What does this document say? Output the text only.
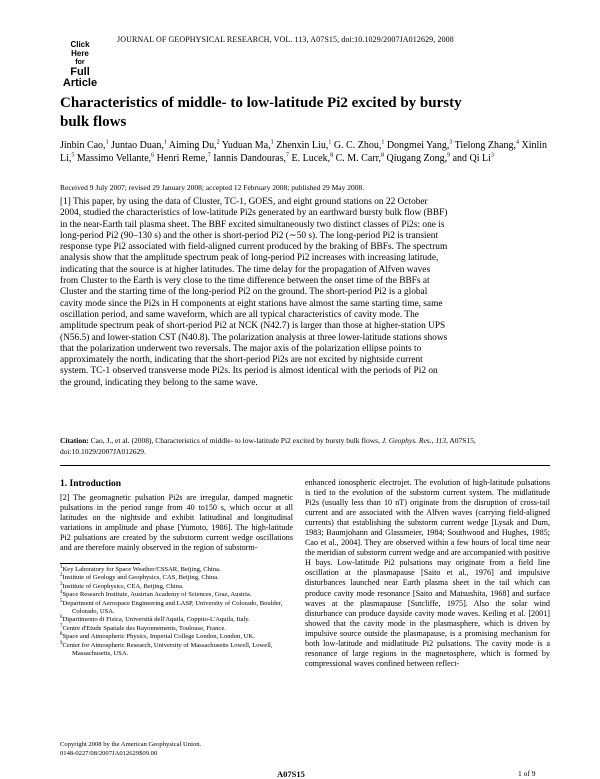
Click
Here
for
Full
Article
JOURNAL OF GEOPHYSICAL RESEARCH, VOL. 113, A07S15, doi:10.1029/2007JA012629, 2008
Characteristics of middle- to low-latitude Pi2 excited by bursty bulk flows
Jinbin Cao,$^1$ Juntao Duan,$^1$ Aiming Du,$^2$ Yuduan Ma,$^1$ Zhenxin Liu,$^1$ G. C. Zhou,$^1$ Dongmei Yang,$^3$ Tielong Zhang,$^4$ Xinlin Li,$^5$ Massimo Vellante,$^6$ Henri Reme,$^7$ Iannis Dandouras,$^7$ E. Lucek,$^8$ C. M. Carr,$^8$ Qiugang Zong,$^9$ and Qi Li$^3$
Received 9 July 2007; revised 29 January 2008; accepted 12 February 2008; published 29 May 2008.
[1] This paper, by using the data of Cluster, TC-1, GOES, and eight ground stations on 22 October 2004, studied the characteristics of low-latitude Pi2s generated by an earthward bursty bulk flow (BBF) in the near-Earth tail plasma sheet. The BBF excited simultaneously two distinct classes of Pi2s: one is long-period Pi2 (90–130 s) and the other is short-period Pi2 (∼50 s). The long-period Pi2 is transient response type Pi2 associated with field-aligned current produced by the braking of BBFs. The spectrum analysis show that the amplitude spectrum peak of long-period Pi2 increases with increasing latitude, indicating that the source is at higher latitudes. The time delay for the propagation of Alfven waves from Cluster to the Earth is very close to the time difference between the onset time of the BBFs at Cluster and the starting time of the long-period Pi2 on the ground. The short-period Pi2 is a global cavity mode since the Pi2s in H components at eight stations have almost the same starting time, same oscillation period, and same waveform, which are all typical characteristics of cavity mode. The amplitude spectrum peak of short-period Pi2 at NCK (N42.7) is larger than those at higher-station UPS (N56.5) and lower-station CST (N40.8). The polarization analysis at three lower-latitude stations shows that the polarization underwent two reversals. The major axis of the polarization ellipse points to approximately the north, indicating that the short-period Pi2s are not excited by nightside current system. TC-1 observed transverse mode Pi2s. Its period is almost identical with the periods of Pi2 on the ground, indicating they belong to the same wave.
Citation: Cao, J., et al. (2008), Characteristics of middle- to low-latitude Pi2 excited by bursty bulk flows, J. Geophys. Res., 113, A07S15, doi:10.1029/2007JA012629.
1. Introduction
[2] The geomagnetic pulsation Pi2s are irregular, damped magnetic pulsations in the period range from 40 to150 s, which occur at all latitudes on the nightside and exhibit latitudinal and longitudinal variations in amplitude and phase [Yumoto, 1986]. The high-latitude Pi2 pulsations are created by the substorm current wedge oscillations and are therefore mainly observed in the region of substorm-
enhanced ionospheric electrojet. The evolution of high-latitude pulsations is tied to the evolution of the substorm current system. The midlatitude Pi2s (usually less than 10 nT) originate from the disruption of cross-tail current and are associated with the Alfven waves (carrying field-aligned currents) that establishing the substorm current wedge [Lysak and Dum, 1983; Baumjohann and Glassmeier, 1984; Southwood and Hughes, 1985; Cao et al., 2004]. They are observed within a few hours of local time near the meridian of substorm current wedge and are accompanied with positive H bays. Low-latitude Pi2 pulsations may originate from a field line oscillation at the plasmapause [Saito et al., 1976] and impulsive disturbances launched near Earth plasma sheet in the tail which can produce cavity mode resonance [Saito and Matsushita, 1968] and surface waves at the plasmapause [Sutcliffe, 1975]. Also the solar wind disturbance can produce dayside cavity mode waves. Keiling et al. [2001] showed that the cavity mode in the plasmasphere, which is driven by impulsive source outside the plasmapause, is a promising mechanism for both low-latitude and midlatitude Pi2 pulsations. The cavity mode is a resonance of large regions in the magnetosphere, which is formed by compressional waves confined between reflect-
$^1$Key Laboratory for Space Weather/CSSAR, Beijing, China.
$^2$Institute of Geology and Geophysics, CAS, Beijing, China.
$^3$Institute of Geophysics, CEA, Beijing, China.
$^4$Space Research Institute, Austrian Academy of Sciences, Graz, Austria.
$^5$Department of Aerospace Engineering and LASP, University of Colorado, Boulder, Colorado, USA.
$^6$Dipartimento di Fisica, Università dell'Aquila, Coppito-L'Aquila, Italy.
$^7$Centre d'Etude Spatiale des Rayonnements, Toulouse, France.
$^8$Space and Atmospheric Physics, Imperial College London, London, UK.
$^9$Center for Atmospheric Research, University of Massachusetts Lowell, Lowell, Massachusetts, USA.
Copyright 2008 by the American Geophysical Union.
0148-0227/08/2007JA012629$09.00
A07S15	1 of 9
